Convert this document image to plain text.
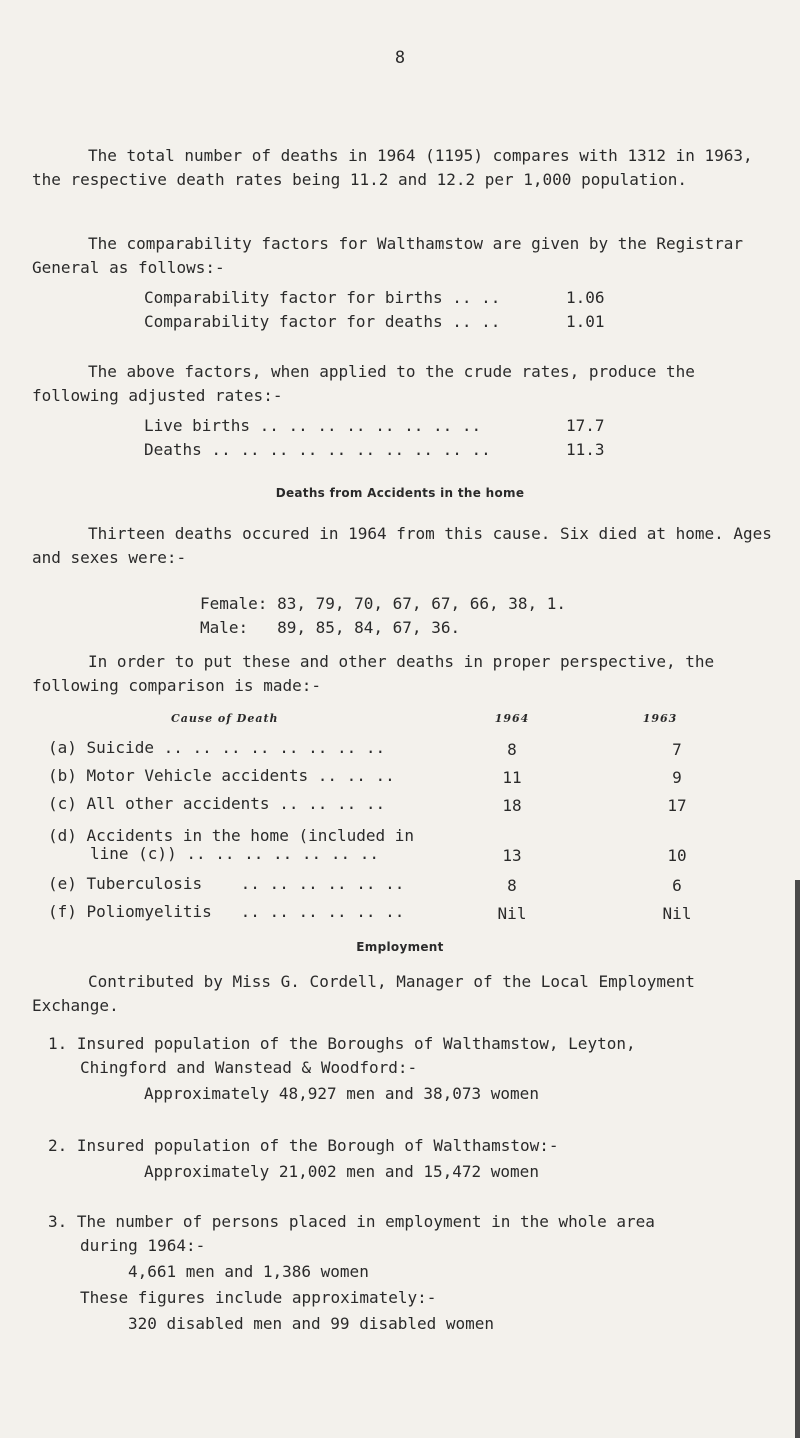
8
The total number of deaths in 1964 (1195) compares with 1312 in 1963, the respective death rates being 11.2 and 12.2 per 1,000 population.
The comparability factors for Walthamstow are given by the Registrar General as follows:-
Comparability factor for births .. ..	1.06
Comparability factor for deaths .. ..	1.01
The above factors, when applied to the crude rates, produce the following adjusted rates:-
Live births .. .. .. .. .. .. .. ..	17.7
Deaths .. .. .. .. .. .. .. .. .. ..	11.3
Deaths from Accidents in the home
Thirteen deaths occured in 1964 from this cause. Six died at home. Ages and sexes were:-
Female: 83, 79, 70, 67, 67, 66, 38, 1.
Male:   89, 85, 84, 67, 36.
In order to put these and other deaths in proper perspective, the following comparison is made:-
Cause of Death	1964	1963
(a) Suicide .. .. .. .. .. .. .. ..	8	7
(b) Motor Vehicle accidents .. .. ..	11	9
(c) All other accidents .. .. .. ..	18	17
(d) Accidents in the home (included in
line (c)) .. .. .. .. .. .. ..	13	10
(e) Tuberculosis    .. .. .. .. .. ..	8	6
(f) Poliomyelitis   .. .. .. .. .. ..	Nil	Nil
Employment
Contributed by Miss G. Cordell, Manager of the Local Employment Exchange.
1. Insured population of the Boroughs of Walthamstow, Leyton,
Chingford and Wanstead & Woodford:-
Approximately 48,927 men and 38,073 women
2. Insured population of the Borough of Walthamstow:-
Approximately 21,002 men and 15,472 women
3. The number of persons placed in employment in the whole area
during 1964:-
4,661 men and 1,386 women
These figures include approximately:-
320 disabled men and 99 disabled women
